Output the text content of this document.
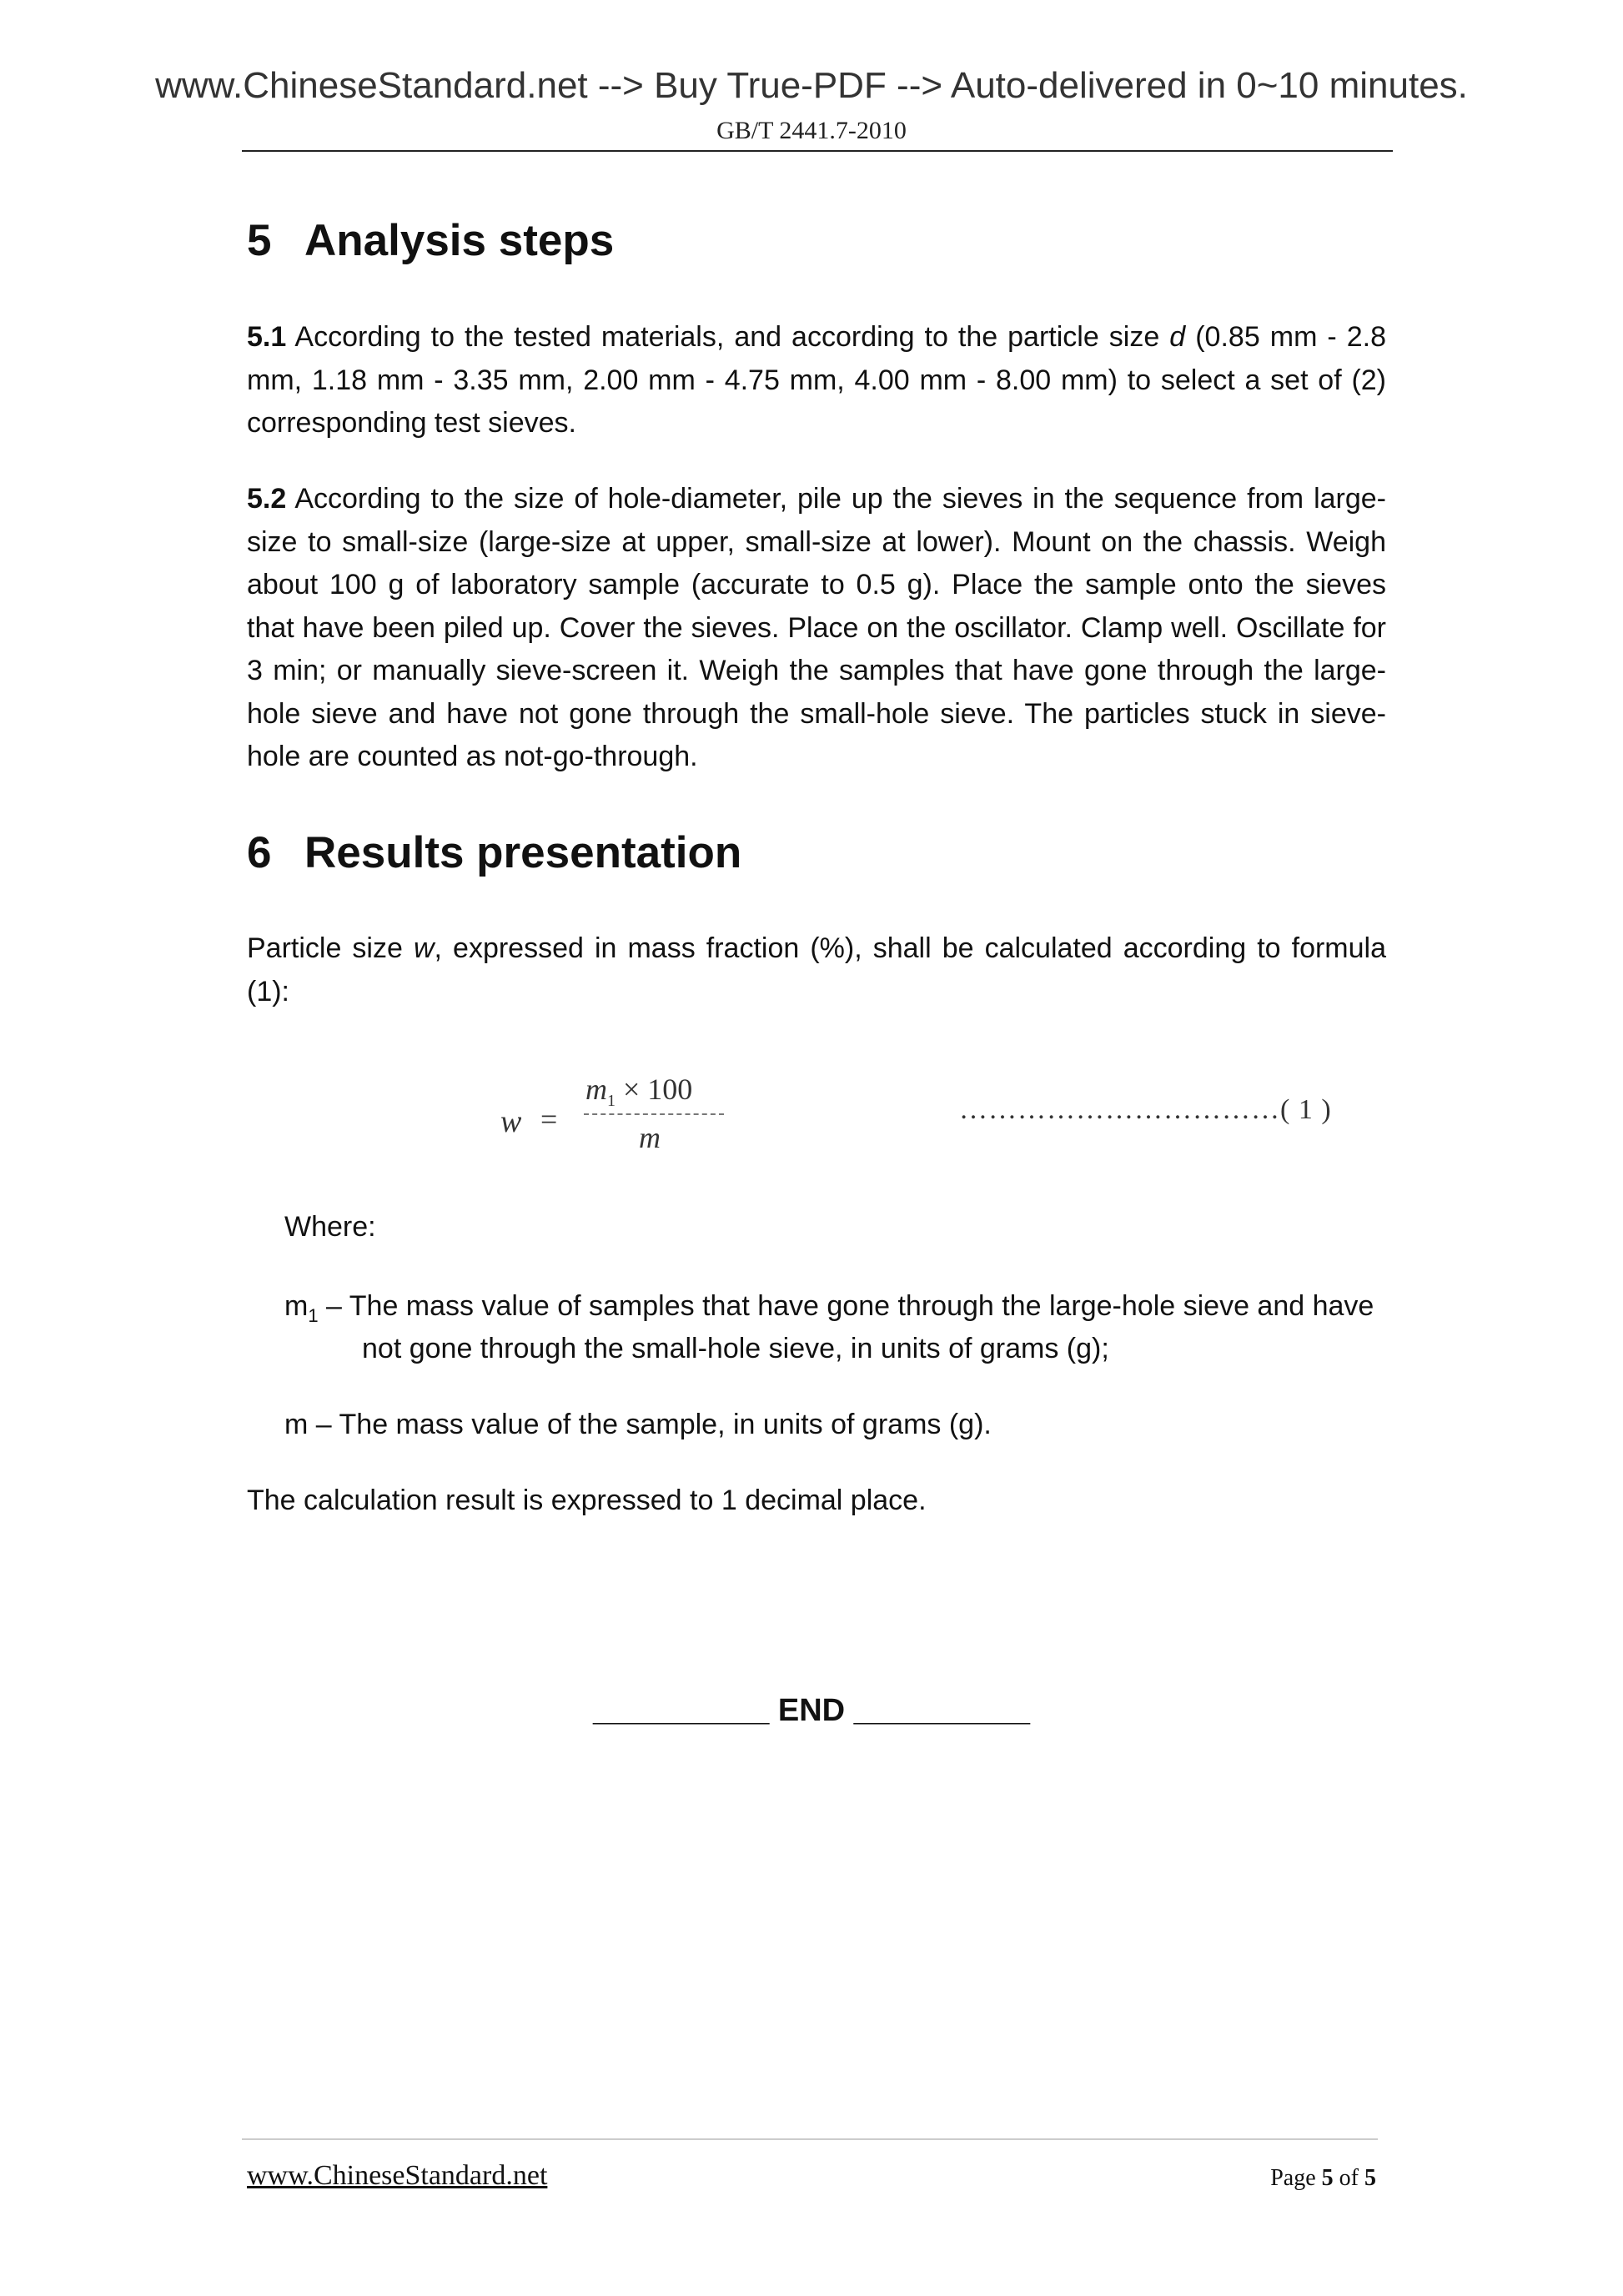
www.ChineseStandard.net --> Buy True-PDF --> Auto-delivered in 0~10 minutes.
GB/T 2441.7-2010
5 Analysis steps
5.1 According to the tested materials, and according to the particle size d (0.85 mm - 2.8 mm, 1.18 mm - 3.35 mm, 2.00 mm - 4.75 mm, 4.00 mm - 8.00 mm) to select a set of (2) corresponding test sieves.
5.2 According to the size of hole-diameter, pile up the sieves in the sequence from large-size to small-size (large-size at upper, small-size at lower). Mount on the chassis. Weigh about 100 g of laboratory sample (accurate to 0.5 g). Place the sample onto the sieves that have been piled up. Cover the sieves. Place on the oscillator. Clamp well. Oscillate for 3 min; or manually sieve-screen it. Weigh the samples that have gone through the large-hole sieve and have not gone through the small-hole sieve. The particles stuck in sieve-hole are counted as not-go-through.
6 Results presentation
Particle size w, expressed in mass fraction (%), shall be calculated according to formula (1):
w =
$m_1 \times 100$
m
……………………………( 1 )
Where:
$m_1$ – The mass value of samples that have gone through the large-hole sieve and have
not gone through the small-hole sieve, in units of grams (g);
m – The mass value of the sample, in units of grams (g).
The calculation result is expressed to 1 decimal place.
__________ END __________
www.ChineseStandard.net	Page 5 of 5
